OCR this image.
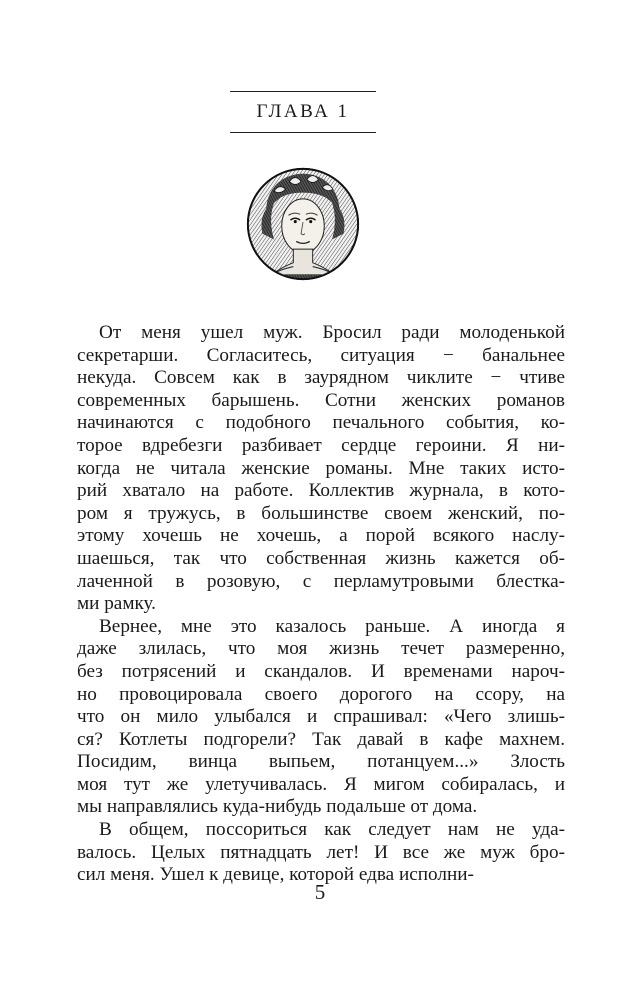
ГЛАВА 1
От меня ушел муж. Бросил ради молоденькой
секретарши. Согласитесь, ситуация − банальнее
некуда. Совсем как в заурядном чиклите − чтиве
современных барышень. Сотни женских романов
начинаются с подобного печального события, ко-
торое вдребезги разбивает сердце героини. Я ни-
когда не читала женские романы. Мне таких исто-
рий хватало на работе. Коллектив журнала, в кото-
ром я тружусь, в большинстве своем женский, по-
этому хочешь не хочешь, а порой всякого наслу-
шаешься, так что собственная жизнь кажется об-
лаченной в розовую, с перламутровыми блестка-
ми рамку.
Вернее, мне это казалось раньше. А иногда я
даже злилась, что моя жизнь течет размеренно,
без потрясений и скандалов. И временами нароч-
но провоцировала своего дорогого на ссору, на
что он мило улыбался и спрашивал: «Чего злишь-
ся? Котлеты подгорели? Так давай в кафе махнем.
Посидим, винца выпьем, потанцуем...» Злость
моя тут же улетучивалась. Я мигом собиралась, и
мы направлялись куда-нибудь подальше от дома.
В общем, поссориться как следует нам не уда-
валось. Целых пятнадцать лет! И все же муж бро-
сил меня. Ушел к девице, которой едва исполни-
5
